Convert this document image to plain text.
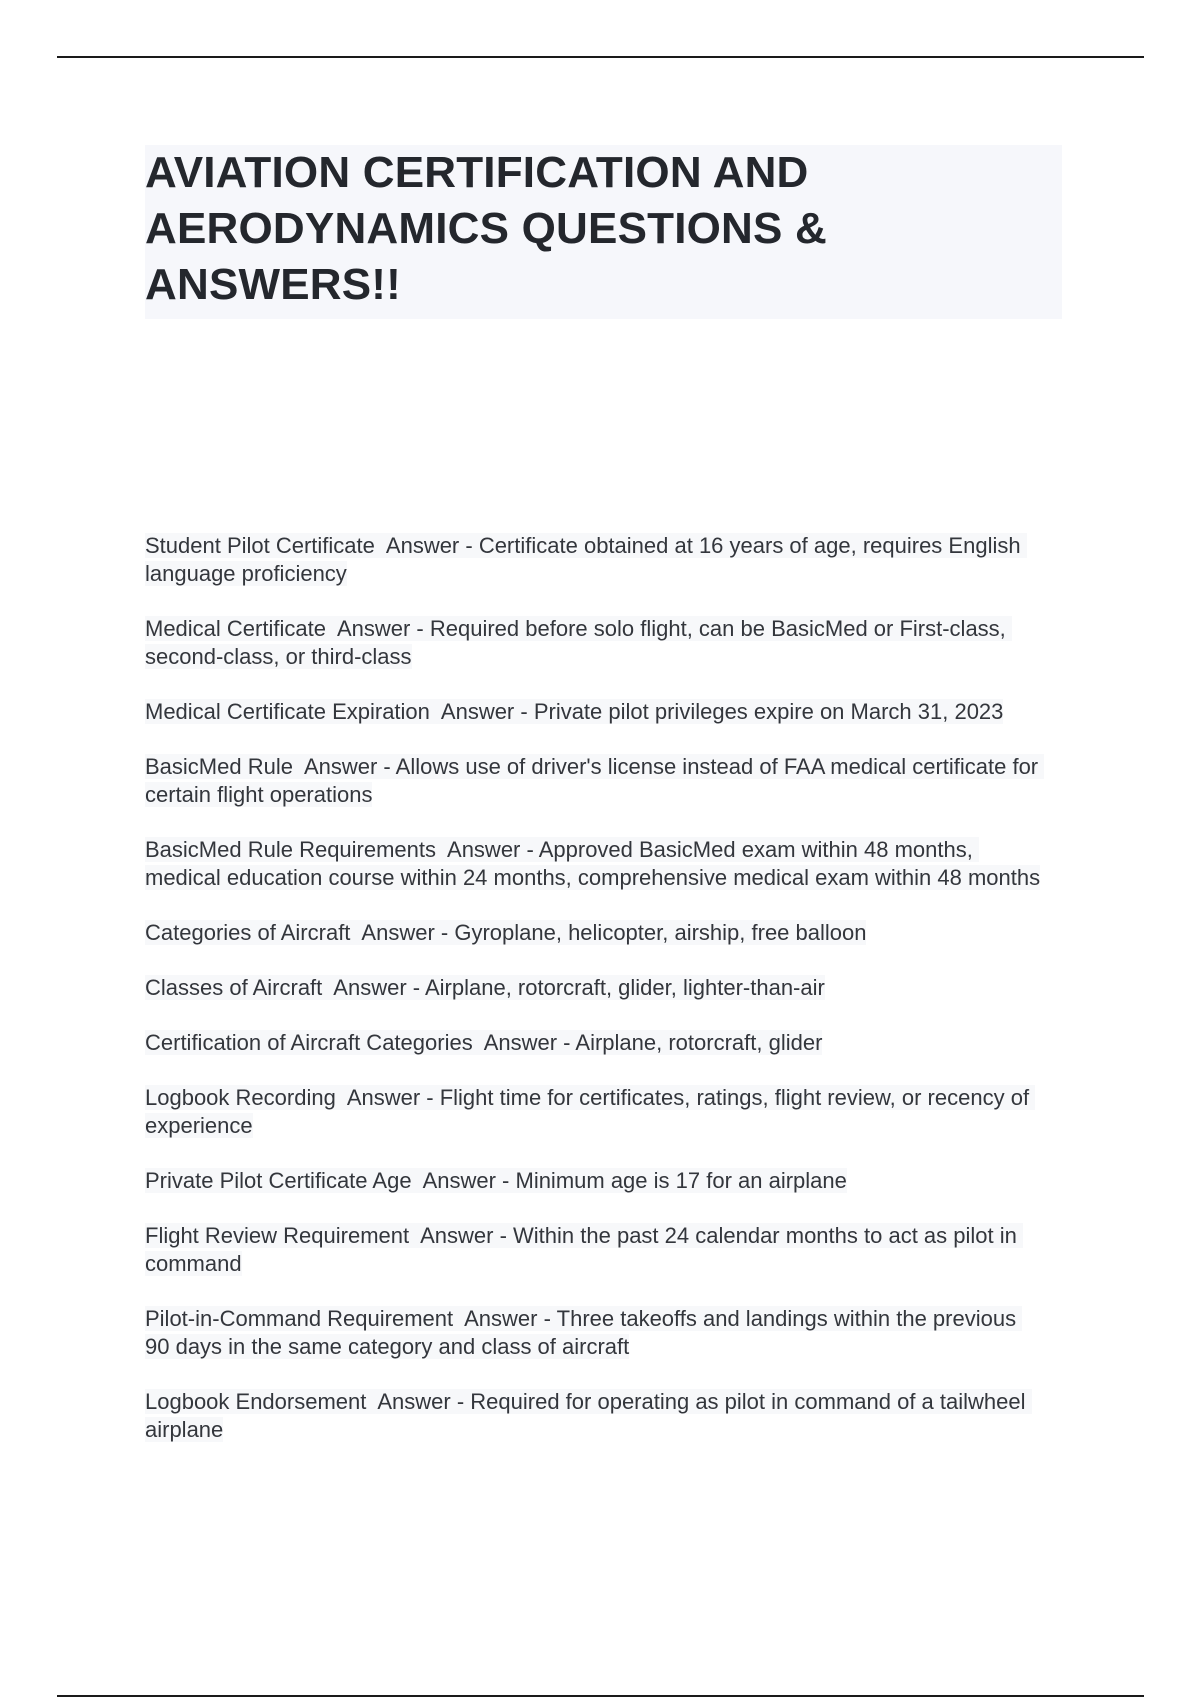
AVIATION CERTIFICATION AND AERODYNAMICS QUESTIONS & ANSWERS!!
Student Pilot Certificate  Answer - Certificate obtained at 16 years of age, requires English language proficiency
Medical Certificate  Answer - Required before solo flight, can be BasicMed or First-class, second-class, or third-class
Medical Certificate Expiration  Answer - Private pilot privileges expire on March 31, 2023
BasicMed Rule  Answer - Allows use of driver's license instead of FAA medical certificate for certain flight operations
BasicMed Rule Requirements  Answer - Approved BasicMed exam within 48 months, medical education course within 24 months, comprehensive medical exam within 48 months
Categories of Aircraft  Answer - Gyroplane, helicopter, airship, free balloon
Classes of Aircraft  Answer - Airplane, rotorcraft, glider, lighter-than-air
Certification of Aircraft Categories  Answer - Airplane, rotorcraft, glider
Logbook Recording  Answer - Flight time for certificates, ratings, flight review, or recency of experience
Private Pilot Certificate Age  Answer - Minimum age is 17 for an airplane
Flight Review Requirement  Answer - Within the past 24 calendar months to act as pilot in command
Pilot-in-Command Requirement  Answer - Three takeoffs and landings within the previous 90 days in the same category and class of aircraft
Logbook Endorsement  Answer - Required for operating as pilot in command of a tailwheel airplane
